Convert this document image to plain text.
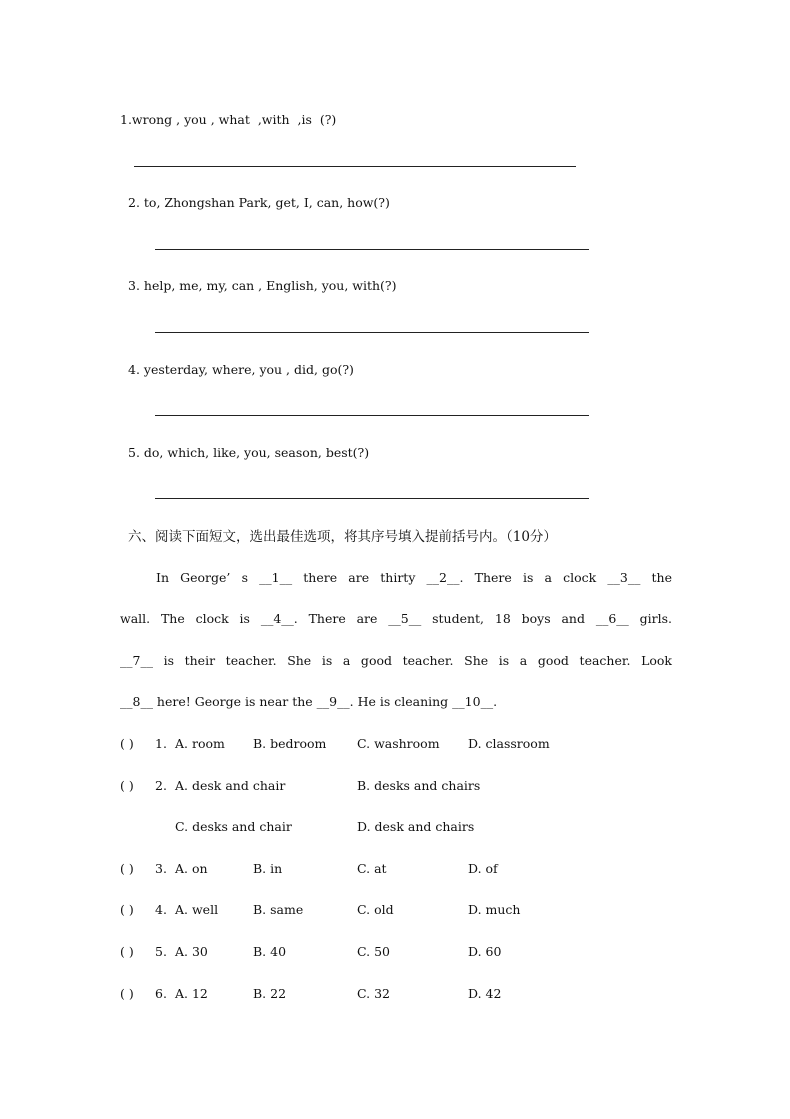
1.wrong , you , what  ,with  ,is  (?)
2. to, Zhongshan Park, get, I, can, how(?)
3. help, me, my, can , English, you, with(?)
4. yesterday, where, you , did, go(?)
5. do, which, like, you, season, best(?)
六、阅读下面短文，选出最佳选项，将其序号填入提前括号内。（10分）
In George’ s __1__ there are thirty __2__. There is a clock __3__ the
wall. The clock is __4__. There are __5__ student, 18 boys and __6__ girls.
__7__ is their teacher. She is a good teacher. She is a good teacher. Look
__8__ here! George is near the __9__. He is cleaning __10__.
( ) 1. A. room B. bedroom C. washroom D. classroom
( ) 2. A. desk and chair	B. desks and chairs
C. desks and chair	D. desk and chairs
( ) 3. A. on	B. in	C. at	D. of
( ) 4. A. well	B. same	C. old	D. much
( ) 5. A. 30	B. 40	C. 50	D. 60
( ) 6. A. 12	B. 22	C. 32	D. 42
